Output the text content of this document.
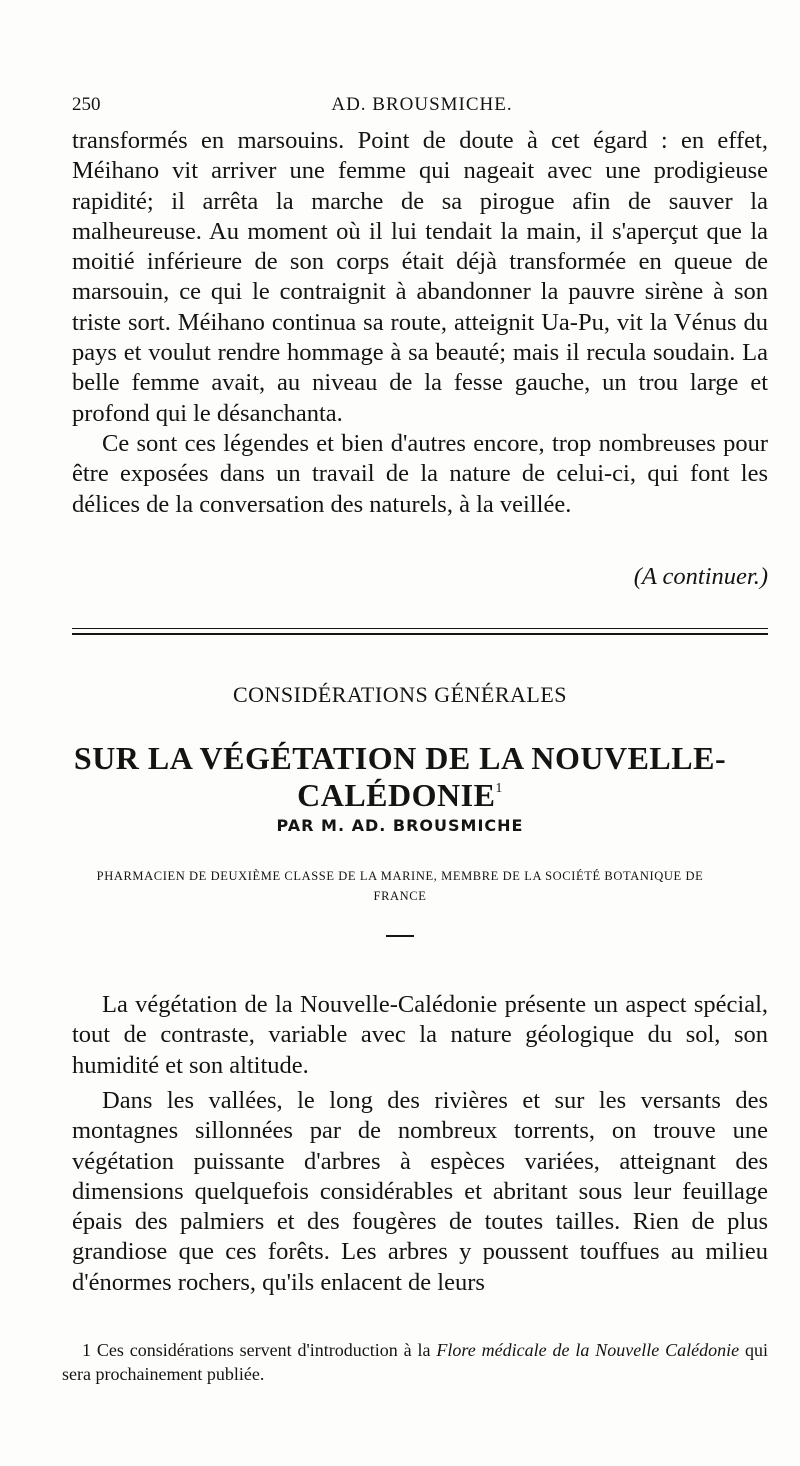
250	AD. BROUSMICHE.

transformés en marsouins. Point de doute à cet égard : en effet, Méihano vit arriver une femme qui nageait avec une prodigieuse rapidité; il arrêta la marche de sa pirogue afin de sauver la malheureuse. Au moment où il lui tendait la main, il s'aperçut que la moitié inférieure de son corps était déjà transformée en queue de marsouin, ce qui le contraignit à abandonner la pauvre sirène à son triste sort. Méihano continua sa route, atteignit Ua-Pu, vit la Vénus du pays et voulut rendre hommage à sa beauté; mais il recula soudain. La belle femme avait, au niveau de la fesse gauche, un trou large et profond qui le désanchanta.

Ce sont ces légendes et bien d'autres encore, trop nombreuses pour être exposées dans un travail de la nature de celui-ci, qui font les délices de la conversation des naturels, à la veillée.

(A continuer.)
CONSIDÉRATIONS GÉNÉRALES
SUR LA VÉGÉTATION DE LA NOUVELLE-CALÉDONIE$^1$
PAR M. AD. BROUSMICHE
PHARMACIEN DE DEUXIÈME CLASSE DE LA MARINE, MEMBRE DE LA SOCIÉTÉ BOTANIQUE DE FRANCE

La végétation de la Nouvelle-Calédonie présente un aspect spécial, tout de contraste, variable avec la nature géologique du sol, son humidité et son altitude.

Dans les vallées, le long des rivières et sur les versants des montagnes sillonnées par de nombreux torrents, on trouve une végétation puissante d'arbres à espèces variées, atteignant des dimensions quelquefois considérables et abritant sous leur feuillage épais des palmiers et des fougères de toutes tailles. Rien de plus grandiose que ces forêts. Les arbres y poussent touffues au milieu d'énormes rochers, qu'ils enlacent de leurs

1 Ces considérations servent d'introduction à la Flore médicale de la Nouvelle Calédonie qui sera prochainement publiée.
